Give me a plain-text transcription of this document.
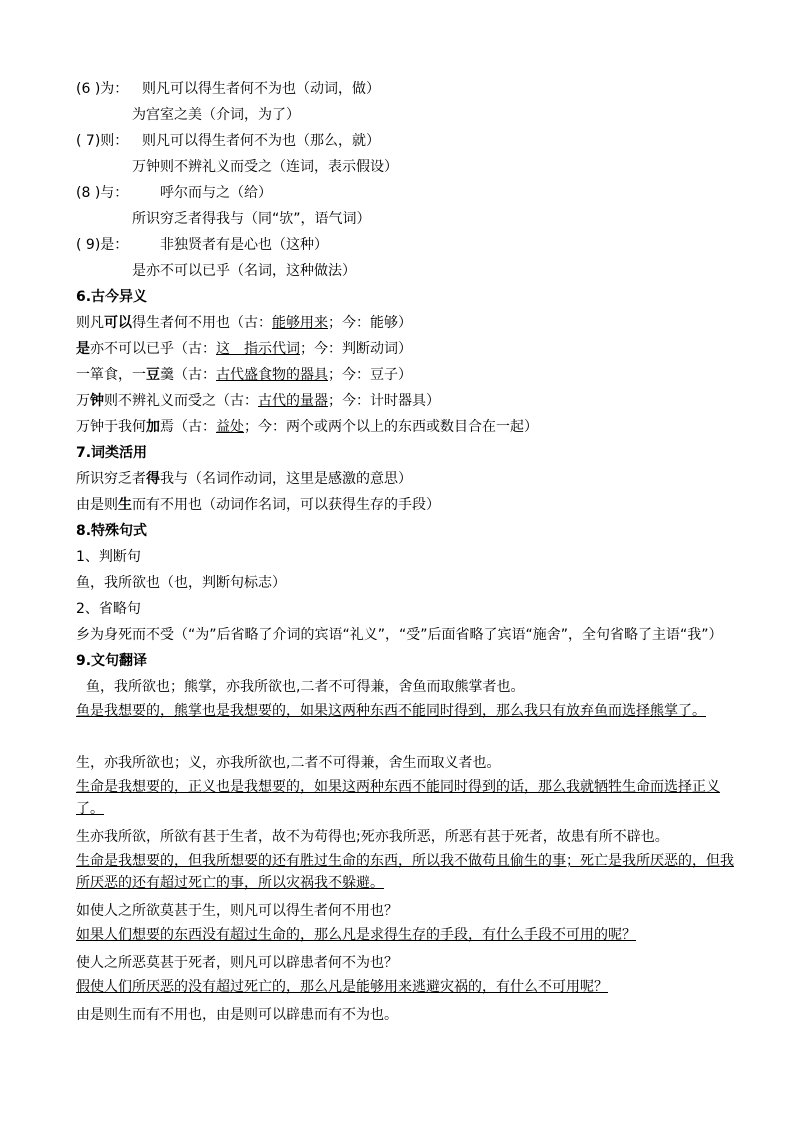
(6 )为： 则凡可以得生者何不为也（动词，做）
为宫室之美（介词，为了）
( 7)则： 则凡可以得生者何不为也（那么，就）
万钟则不辨礼义而受之（连词，表示假设）
(8 )与： 呼尔而与之（给）
所识穷乏者得我与（同“欤”，语气词）
( 9)是： 非独贤者有是心也（这种）
是亦不可以已乎（名词，这种做法）
6.古今异义
则凡可以得生者何不用也（古：能够用来；今：能够）
是亦不可以已乎（古：这　指示代词；今：判断动词）
一箪食，一豆羹（古：古代盛食物的器具；今：豆子）
万钟则不辨礼义而受之（古：古代的量器；今：计时器具）
万钟于我何加焉（古：益处；今：两个或两个以上的东西或数目合在一起）
7.词类活用
所识穷乏者得我与（名词作动词，这里是感激的意思）
由是则生而有不用也（动词作名词，可以获得生存的手段）
8.特殊句式
1、判断句
鱼，我所欲也（也，判断句标志）
2、省略句
乡为身死而不受（“为”后省略了介词的宾语“礼义”，“受”后面省略了宾语“施舍”，全句省略了主语“我”）
9.文句翻译
鱼，我所欲也；熊掌，亦我所欲也,二者不可得兼，舍鱼而取熊掌者也。
鱼是我想要的，熊掌也是我想要的，如果这两种东西不能同时得到，那么我只有放弃鱼而选择熊掌了。
生，亦我所欲也；义，亦我所欲也,二者不可得兼，舍生而取义者也。
生命是我想要的，正义也是我想要的，如果这两种东西不能同时得到的话，那么我就牺牲生命而选择正义了。
生亦我所欲，所欲有甚于生者，故不为苟得也;死亦我所恶，所恶有甚于死者，故患有所不辟也。
生命是我想要的，但我所想要的还有胜过生命的东西，所以我不做苟且偷生的事；死亡是我所厌恶的，但我所厌恶的还有超过死亡的事，所以灾祸我不躲避。
如使人之所欲莫甚于生，则凡可以得生者何不用也？
如果人们想要的东西没有超过生命的，那么凡是求得生存的手段，有什么手段不可用的呢？
使人之所恶莫甚于死者，则凡可以辟患者何不为也？
假使人们所厌恶的没有超过死亡的，那么凡是能够用来逃避灾祸的，有什么不可用呢？
由是则生而有不用也，由是则可以辟患而有不为也。
